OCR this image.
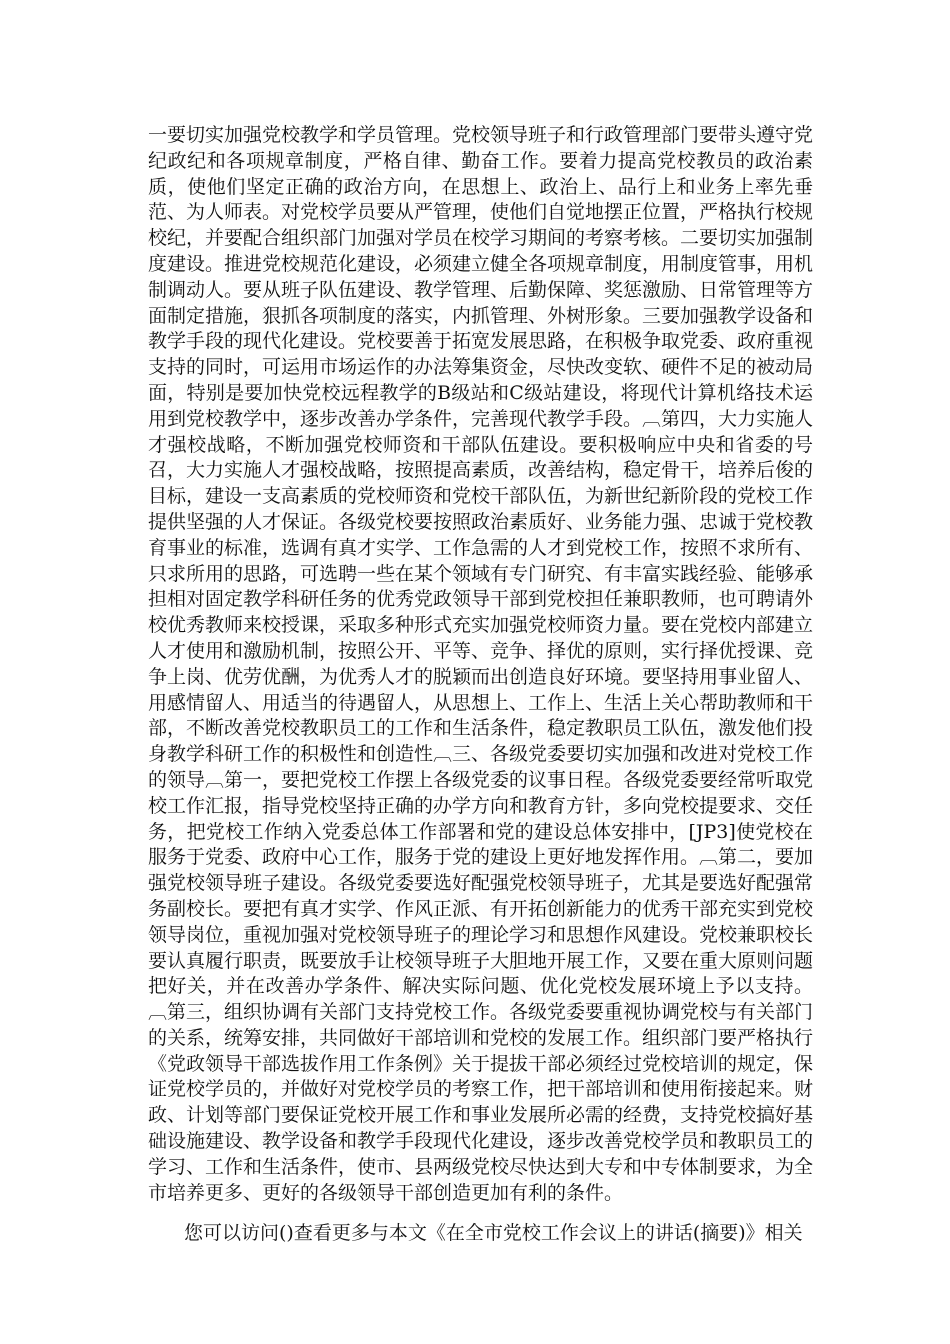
一要切实加强党校教学和学员管理。党校领导班子和行政管理部门要带头遵守党纪政纪和各项规章制度，严格自律、勤奋工作。要着力提高党校教员的政治素质，使他们坚定正确的政治方向，在思想上、政治上、品行上和业务上率先垂范、为人师表。对党校学员要从严管理，使他们自觉地摆正位置，严格执行校规校纪，并要配合组织部门加强对学员在校学习期间的考察考核。二要切实加强制度建设。推进党校规范化建设，必须建立健全各项规章制度，用制度管事，用机制调动人。要从班子队伍建设、教学管理、后勤保障、奖惩激励、日常管理等方面制定措施，狠抓各项制度的落实，内抓管理、外树形象。三要加强教学设备和教学手段的现代化建设。党校要善于拓宽发展思路，在积极争取党委、政府重视支持的同时，可运用市场运作的办法筹集资金，尽快改变软、硬件不足的被动局面，特别是要加快党校远程教学的B级站和C级站建设，将现代计算机络技术运用到党校教学中，逐步改善办学条件，完善现代教学手段。︹第四，大力实施人才强校战略，不断加强党校师资和干部队伍建设。要积极响应中央和省委的号召，大力实施人才强校战略，按照提高素质，改善结构，稳定骨干，培养后俊的目标，建设一支高素质的党校师资和党校干部队伍，为新世纪新阶段的党校工作提供坚强的人才保证。各级党校要按照政治素质好、业务能力强、忠诚于党校教育事业的标准，选调有真才实学、工作急需的人才到党校工作，按照不求所有、只求所用的思路，可选聘一些在某个领域有专门研究、有丰富实践经验、能够承担相对固定教学科研任务的优秀党政领导干部到党校担任兼职教师，也可聘请外校优秀教师来校授课，采取多种形式充实加强党校师资力量。要在党校内部建立人才使用和激励机制，按照公开、平等、竞争、择优的原则，实行择优授课、竞争上岗、优劳优酬，为优秀人才的脱颖而出创造良好环境。要坚持用事业留人、用感情留人、用适当的待遇留人，从思想上、工作上、生活上关心帮助教师和干部，不断改善党校教职员工的工作和生活条件，稳定教职员工队伍，激发他们投身教学科研工作的积极性和创造性︹三、各级党委要切实加强和改进对党校工作的领导︹第一，要把党校工作摆上各级党委的议事日程。各级党委要经常听取党校工作汇报，指导党校坚持正确的办学方向和教育方针，多向党校提要求、交任务，把党校工作纳入党委总体工作部署和党的建设总体安排中，[JP3]使党校在服务于党委、政府中心工作，服务于党的建设上更好地发挥作用。︹第二，要加强党校领导班子建设。各级党委要选好配强党校领导班子，尤其是要选好配强常务副校长。要把有真才实学、作风正派、有开拓创新能力的优秀干部充实到党校领导岗位，重视加强对党校领导班子的理论学习和思想作风建设。党校兼职校长要认真履行职责，既要放手让校领导班子大胆地开展工作，又要在重大原则问题把好关，并在改善办学条件、解决实际问题、优化党校发展环境上予以支持。︹第三，组织协调有关部门支持党校工作。各级党委要重视协调党校与有关部门的关系，统筹安排，共同做好干部培训和党校的发展工作。组织部门要严格执行《党政领导干部选拔作用工作条例》关于提拔干部必须经过党校培训的规定，保证党校学员的，并做好对党校学员的考察工作，把干部培训和使用衔接起来。财政、计划等部门要保证党校开展工作和事业发展所必需的经费，支持党校搞好基础设施建设、教学设备和教学手段现代化建设，逐步改善党校学员和教职员工的学习、工作和生活条件，使市、县两级党校尽快达到大专和中专体制要求，为全市培养更多、更好的各级领导干部创造更加有利的条件。

您可以访问()查看更多与本文《在全市党校工作会议上的讲话(摘要)》相关
